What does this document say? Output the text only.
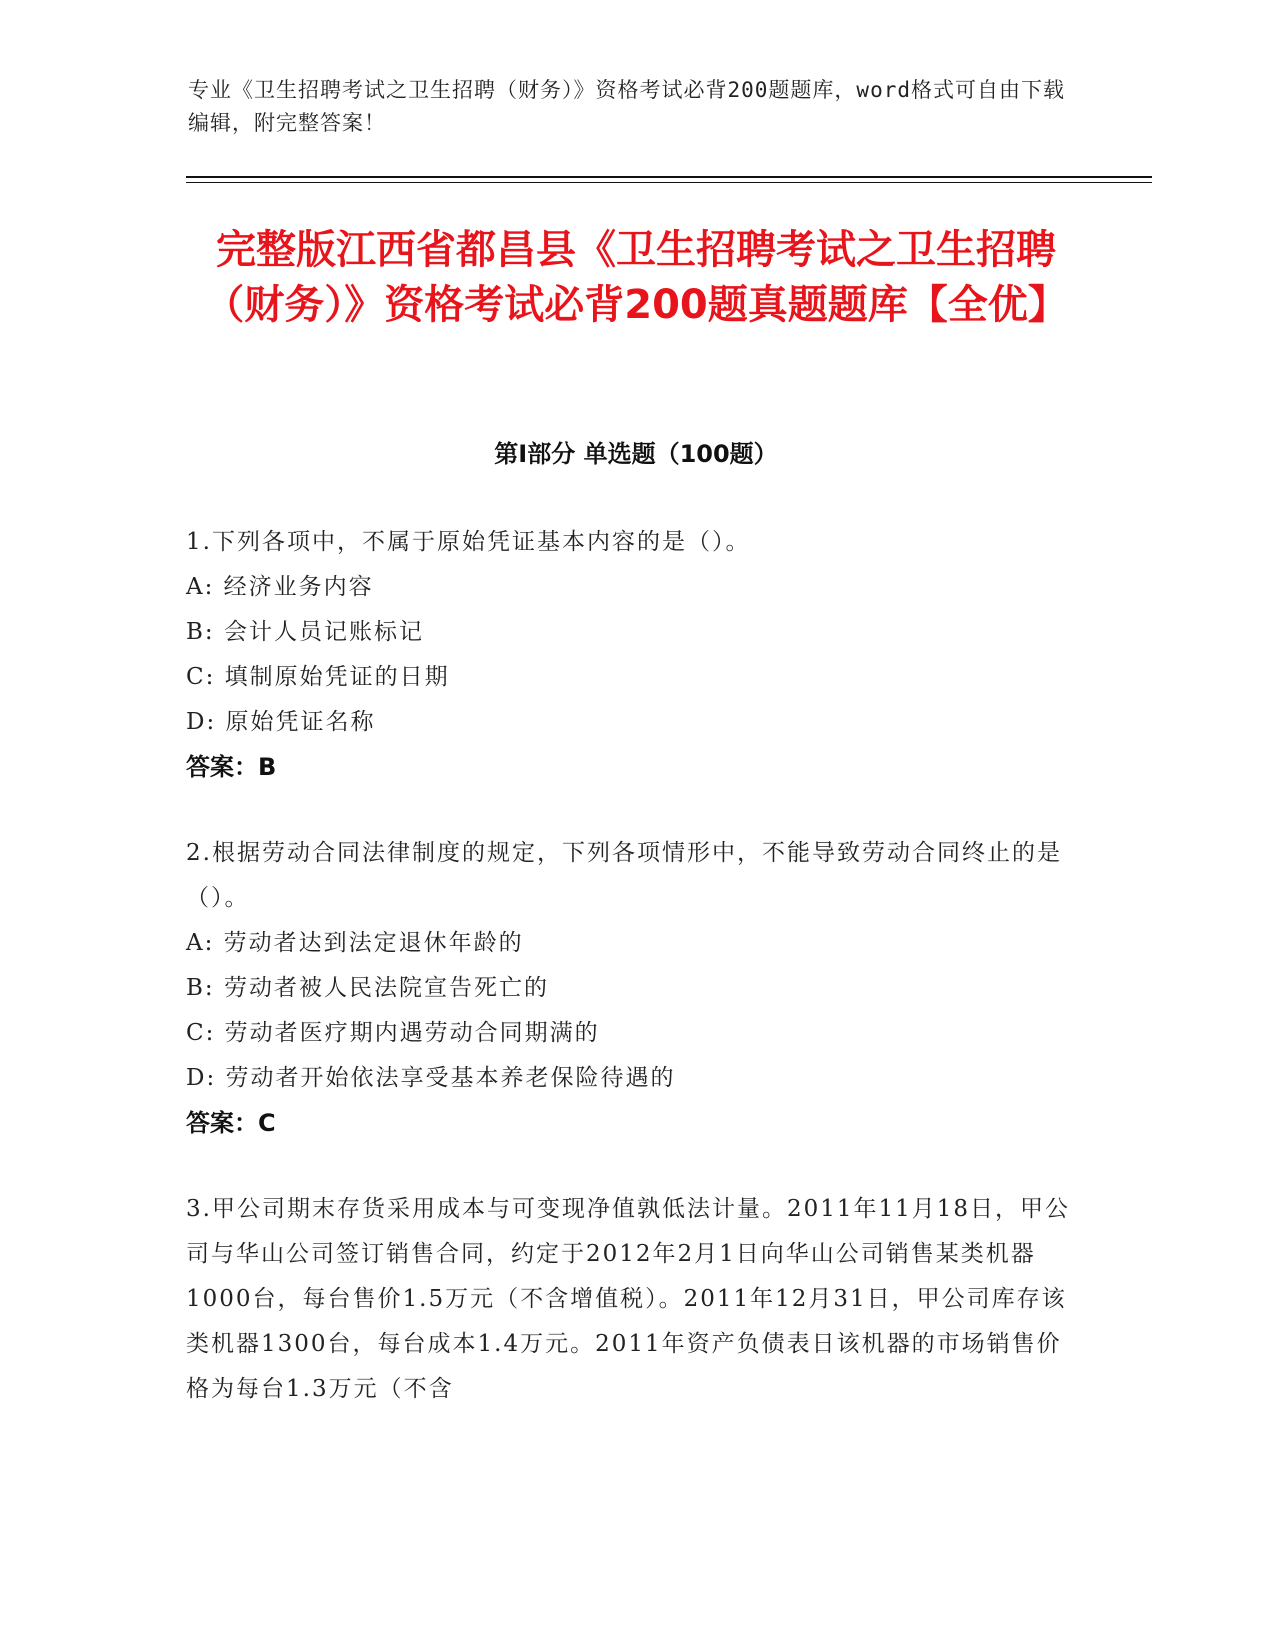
专业《卫生招聘考试之卫生招聘（财务）》资格考试必背200题题库，word格式可自由下载编辑，附完整答案！
完整版江西省都昌县《卫生招聘考试之卫生招聘（财务）》资格考试必背200题真题题库【全优】
第Ⅰ部分 单选题（100题）
1.下列各项中，不属于原始凭证基本内容的是（）。
A: 经济业务内容
B: 会计人员记账标记
C: 填制原始凭证的日期
D: 原始凭证名称
答案：B
2.根据劳动合同法律制度的规定，下列各项情形中，不能导致劳动合同终止的是（）。
A: 劳动者达到法定退休年龄的
B: 劳动者被人民法院宣告死亡的
C: 劳动者医疗期内遇劳动合同期满的
D: 劳动者开始依法享受基本养老保险待遇的
答案：C
3.甲公司期末存货采用成本与可变现净值孰低法计量。2011年11月18日，甲公司与华山公司签订销售合同，约定于2012年2月1日向华山公司销售某类机器1000台，每台售价1.5万元（不含增值税）。2011年12月31日，甲公司库存该类机器1300台，每台成本1.4万元。2011年资产负债表日该机器的市场销售价格为每台1.3万元（不含
